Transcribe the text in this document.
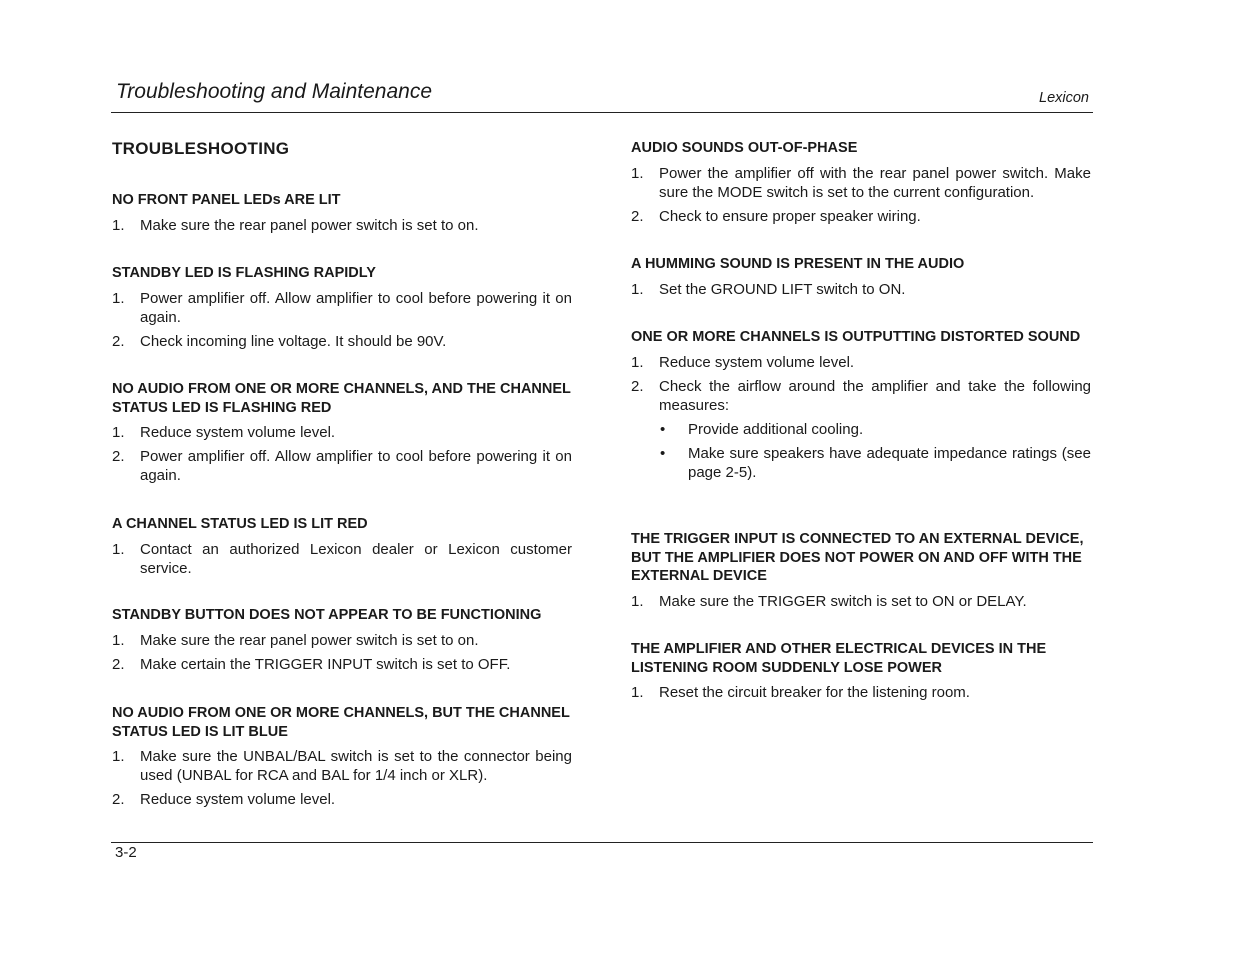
Troubleshooting and Maintenance	Lexicon
TROUBLESHOOTING
NO FRONT PANEL LEDs ARE LIT
1.	Make sure the rear panel power switch is set to on.
STANDBY LED IS FLASHING RAPIDLY
1.	Power amplifier off. Allow amplifier to cool before powering it on again.
2.	Check incoming line voltage. It should be 90V.
NO AUDIO FROM ONE OR MORE CHANNELS, AND THE CHANNEL STATUS LED IS FLASHING RED
1.	Reduce system volume level.
2.	Power amplifier off. Allow amplifier to cool before powering it on again.
A CHANNEL STATUS LED IS LIT RED
1.	Contact an authorized Lexicon dealer or Lexicon customer service.
STANDBY BUTTON DOES NOT APPEAR TO BE FUNCTIONING
1.	Make sure the rear panel power switch is set to on.
2.	Make certain the TRIGGER INPUT switch is set to OFF.
NO AUDIO FROM ONE OR MORE CHANNELS, BUT THE CHANNEL STATUS LED IS LIT BLUE
1.	Make sure the UNBAL/BAL switch is set to the connector being used (UNBAL for RCA and BAL for 1/4 inch or XLR).
2.	Reduce system volume level.
AUDIO SOUNDS OUT-OF-PHASE
1.	Power the amplifier off with the rear panel power switch. Make sure the MODE switch is set to the current configuration.
2.	Check to ensure proper speaker wiring.
A HUMMING SOUND IS PRESENT IN THE AUDIO
1.	Set the GROUND LIFT switch to ON.
ONE OR MORE CHANNELS IS OUTPUTTING DISTORTED SOUND
1.	Reduce system volume level.
2.	Check the airflow around the amplifier and take the following measures:
•	Provide additional cooling.
•	Make sure speakers have adequate impedance ratings (see page 2-5).
THE TRIGGER INPUT IS CONNECTED TO AN EXTERNAL DEVICE, BUT THE AMPLIFIER DOES NOT POWER ON AND OFF WITH THE EXTERNAL DEVICE
1.	Make sure the TRIGGER switch is set to ON or DELAY.
THE AMPLIFIER AND OTHER ELECTRICAL DEVICES IN THE LISTENING ROOM SUDDENLY LOSE POWER
1.	Reset the circuit breaker for the listening room.
3-2
